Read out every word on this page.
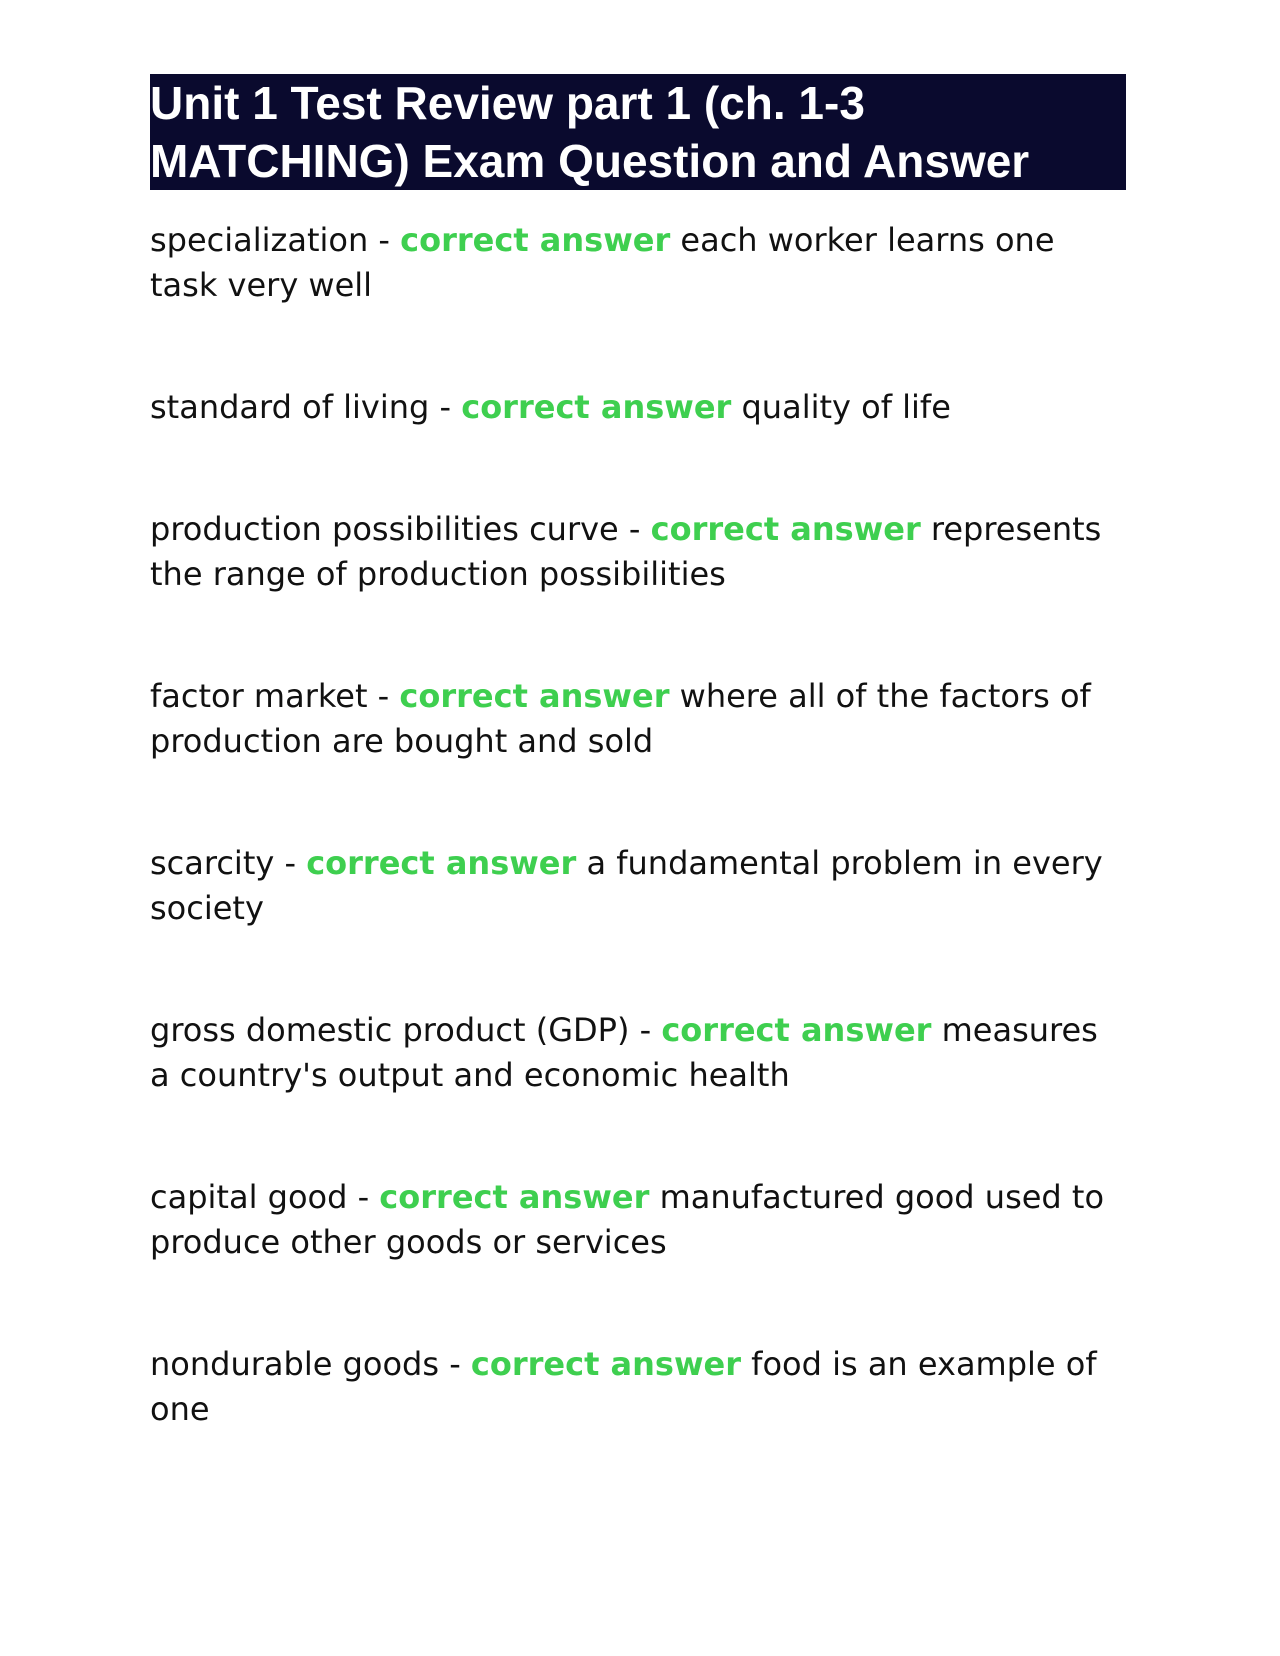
Unit 1 Test Review part 1 (ch. 1-3 MATCHING) Exam Question and Answer

specialization - correct answer each worker learns one task very well

standard of living - correct answer quality of life

production possibilities curve - correct answer represents the range of production possibilities

factor market - correct answer where all of the factors of production are bought and sold

scarcity - correct answer a fundamental problem in every society

gross domestic product (GDP) - correct answer measures a country's output and economic health

capital good - correct answer manufactured good used to produce other goods or services

nondurable goods - correct answer food is an example of one
